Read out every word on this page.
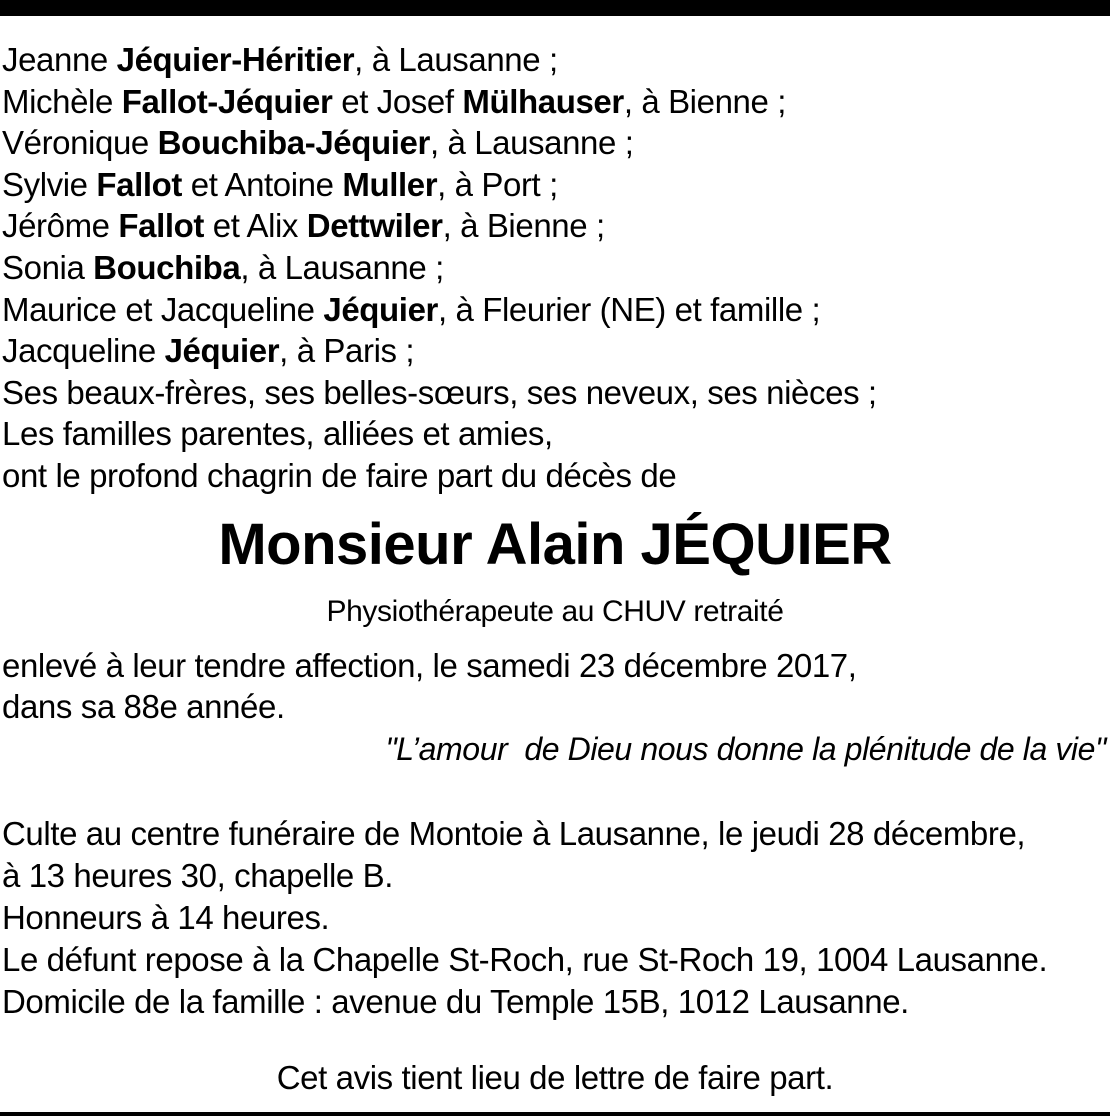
Jeanne Jéquier-Héritier, à Lausanne ;
Michèle Fallot-Jéquier et Josef Mülhauser, à Bienne ;
Véronique Bouchiba-Jéquier, à Lausanne ;
Sylvie Fallot et Antoine Muller, à Port ;
Jérôme Fallot et Alix Dettwiler, à Bienne ;
Sonia Bouchiba, à Lausanne ;
Maurice et Jacqueline Jéquier, à Fleurier (NE) et famille ;
Jacqueline Jéquier, à Paris ;
Ses beaux-frères, ses belles-sœurs, ses neveux, ses nièces ;
Les familles parentes, alliées et amies,
ont le profond chagrin de faire part du décès de
Monsieur Alain JÉQUIER
Physiothérapeute au CHUV retraité
enlevé à leur tendre affection, le samedi 23 décembre 2017,
dans sa 88e année.
"L’amour  de Dieu nous donne la plénitude de la vie"
Culte au centre funéraire de Montoie à Lausanne, le jeudi 28 décembre,
à 13 heures 30, chapelle B.
Honneurs à 14 heures.
Le défunt repose à la Chapelle St-Roch, rue St-Roch 19, 1004 Lausanne.
Domicile de la famille : avenue du Temple 15B, 1012 Lausanne.
Cet avis tient lieu de lettre de faire part.
